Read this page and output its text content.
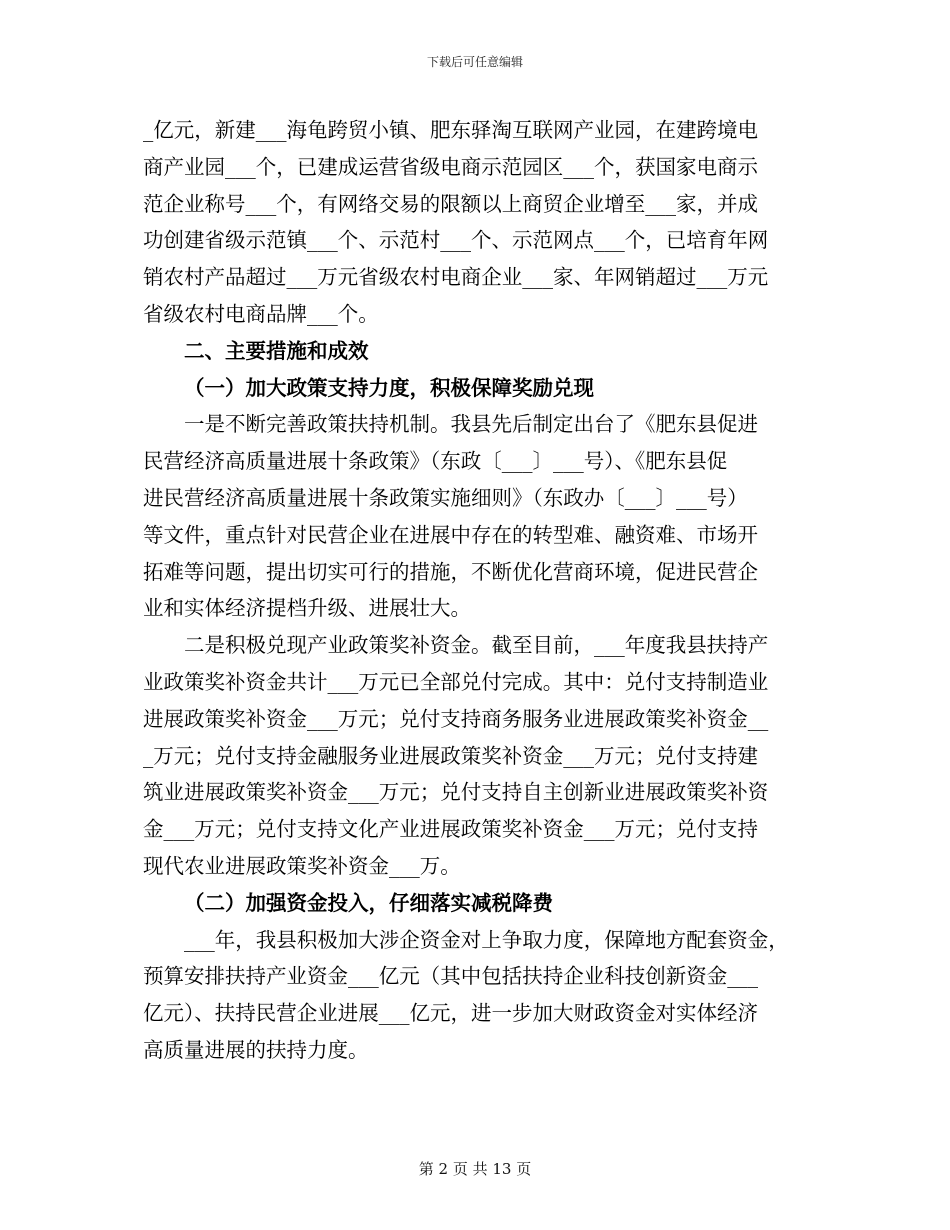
下载后可任意编辑
_亿元，新建___海龟跨贸小镇、肥东驿淘互联网产业园，在建跨境电
商产业园___个，已建成运营省级电商示范园区___个，获国家电商示
范企业称号___个，有网络交易的限额以上商贸企业增至___家，并成
功创建省级示范镇___个、示范村___个、示范网点___个，已培育年网
销农村产品超过___万元省级农村电商企业___家、年网销超过___万元
省级农村电商品牌___个。
二、主要措施和成效
（一）加大政策支持力度，积极保障奖励兑现
一是不断完善政策扶持机制。我县先后制定出台了《肥东县促进
民营经济高质量进展十条政策》（东政〔___〕___号）、《肥东县促
进民营经济高质量进展十条政策实施细则》（东政办〔___〕___号）
等文件，重点针对民营企业在进展中存在的转型难、融资难、市场开
拓难等问题，提出切实可行的措施，不断优化营商环境，促进民营企
业和实体经济提档升级、进展壮大。
二是积极兑现产业政策奖补资金。截至目前，___年度我县扶持产
业政策奖补资金共计___万元已全部兑付完成。其中：兑付支持制造业
进展政策奖补资金___万元；兑付支持商务服务业进展政策奖补资金__
_万元；兑付支持金融服务业进展政策奖补资金___万元；兑付支持建
筑业进展政策奖补资金___万元；兑付支持自主创新业进展政策奖补资
金___万元；兑付支持文化产业进展政策奖补资金___万元；兑付支持
现代农业进展政策奖补资金___万。
（二）加强资金投入，仔细落实减税降费
___年，我县积极加大涉企资金对上争取力度，保障地方配套资金，
预算安排扶持产业资金___亿元（其中包括扶持企业科技创新资金___
亿元）、扶持民营企业进展___亿元，进一步加大财政资金对实体经济
高质量进展的扶持力度。
第 2 页 共 13 页
